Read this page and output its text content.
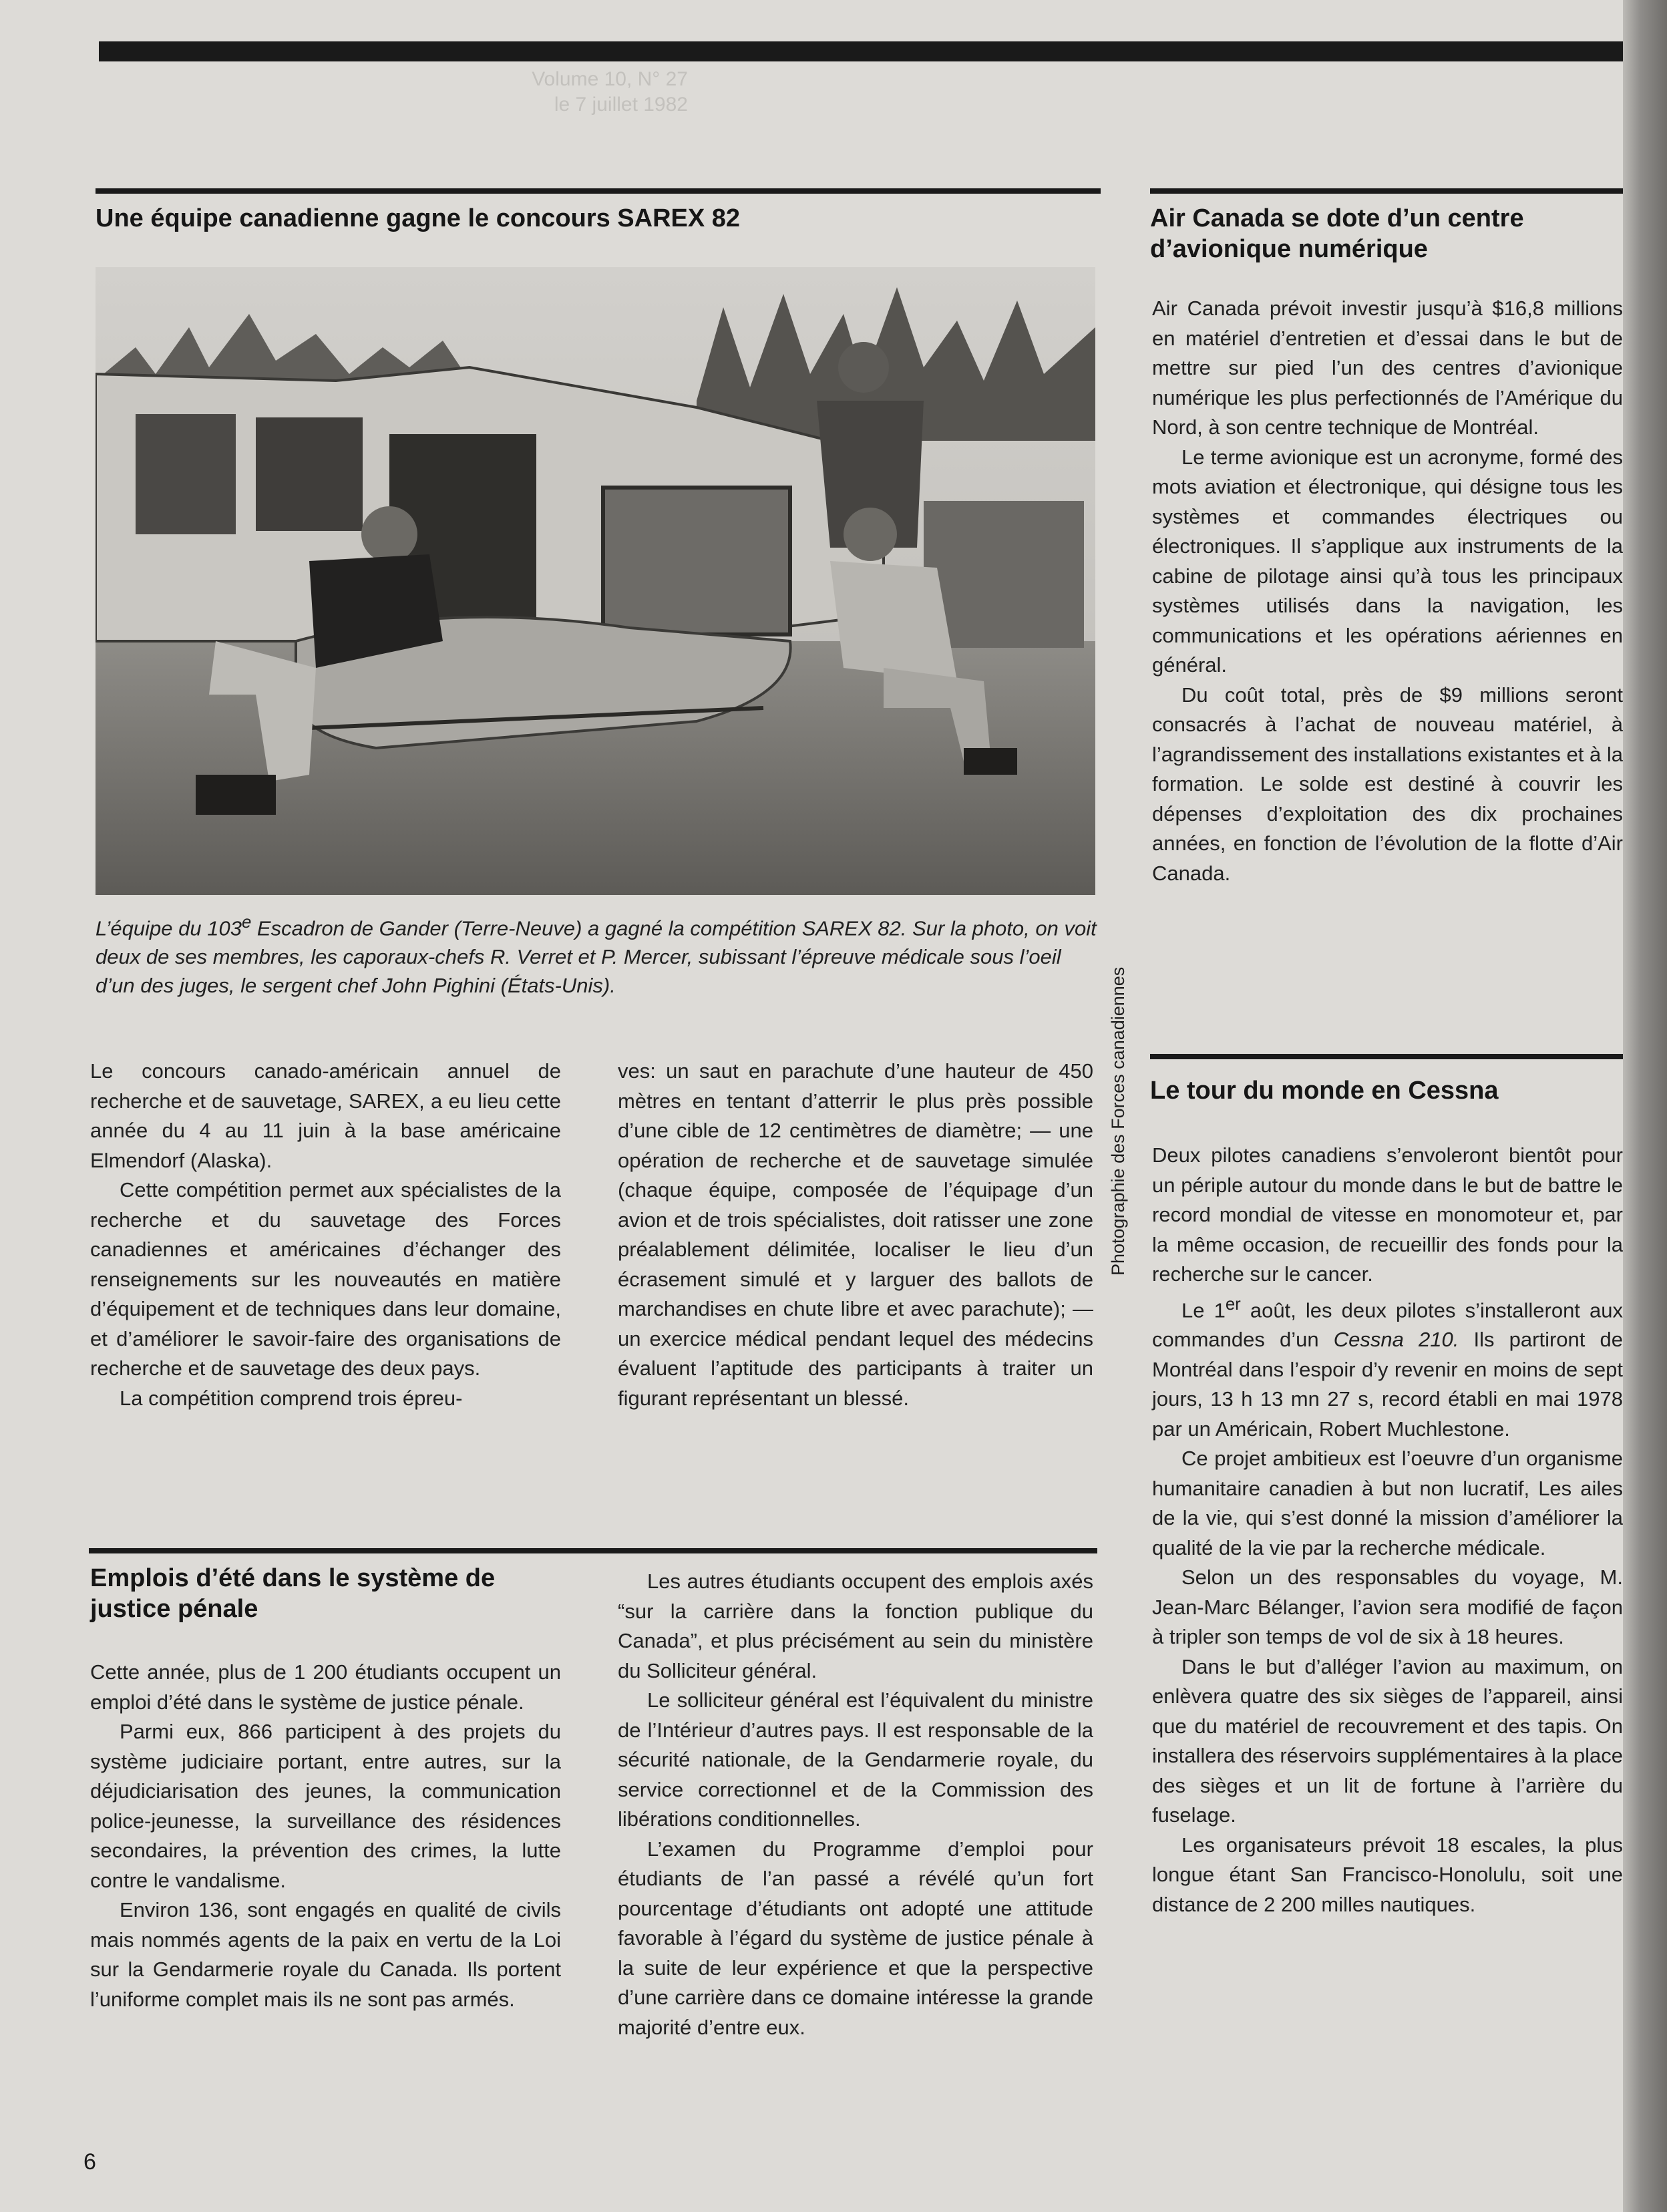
Volume 10, N° 27
le 7 juillet 1982
Une équipe canadienne gagne le concours SAREX 82
Photographie des Forces canadiennes
L’équipe du 103e Escadron de Gander (Terre-Neuve) a gagné la compétition SAREX 82. Sur la photo, on voit deux de ses membres, les caporaux-chefs R. Verret et P. Mercer, subissant l’épreuve médicale sous l’oeil d’un des juges, le sergent chef John Pighini (États-Unis).

Le concours canado-américain annuel de recherche et de sauvetage, SAREX, a eu lieu cette année du 4 au 11 juin à la base américaine Elmendorf (Alaska).

Cette compétition permet aux spécialistes de la recherche et du sauvetage des Forces canadiennes et américaines d’échanger des renseignements sur les nouveautés en matière d’équipement et de techniques dans leur domaine, et d’améliorer le savoir-faire des organisations de recherche et de sauvetage des deux pays.

La compétition comprend trois épreu-

ves: un saut en parachute d’une hauteur de 450 mètres en tentant d’atterrir le plus près possible d’une cible de 12 centimètres de diamètre; — une opération de recherche et de sauvetage simulée (chaque équipe, composée de l’équipage d’un avion et de trois spécialistes, doit ratisser une zone préalablement délimitée, localiser le lieu d’un écrasement simulé et y larguer des ballots de marchandises en chute libre et avec parachute); — un exercice médical pendant lequel des médecins évaluent l’aptitude des participants à traiter un figurant représentant un blessé.

Emplois d’été dans le système de
justice pénale

Cette année, plus de 1 200 étudiants occupent un emploi d’été dans le système de justice pénale.

Parmi eux, 866 participent à des projets du système judiciaire portant, entre autres, sur la déjudiciarisation des jeunes, la communication police-jeunesse, la surveillance des résidences secondaires, la prévention des crimes, la lutte contre le vandalisme.

Environ 136, sont engagés en qualité de civils mais nommés agents de la paix en vertu de la Loi sur la Gendarmerie royale du Canada. Ils portent l’uniforme complet mais ils ne sont pas armés.

Les autres étudiants occupent des emplois axés “sur la carrière dans la fonction publique du Canada”, et plus précisément au sein du ministère du Solliciteur général.

Le solliciteur général est l’équivalent du ministre de l’Intérieur d’autres pays. Il est responsable de la sécurité nationale, de la Gendarmerie royale, du service correctionnel et de la Commission des libérations conditionnelles.

L’examen du Programme d’emploi pour étudiants de l’an passé a révélé qu’un fort pourcentage d’étudiants ont adopté une attitude favorable à l’égard du système de justice pénale à la suite de leur expérience et que la perspective d’une carrière dans ce domaine intéresse la grande majorité d’entre eux.

Air Canada se dote d’un centre
d’avionique numérique

Air Canada prévoit investir jusqu’à $16,8 millions en matériel d’entretien et d’essai dans le but de mettre sur pied l’un des centres d’avionique numérique les plus perfectionnés de l’Amérique du Nord, à son centre technique de Montréal.

Le terme avionique est un acronyme, formé des mots aviation et électronique, qui désigne tous les systèmes et commandes électriques ou électroniques. Il s’applique aux instruments de la cabine de pilotage ainsi qu’à tous les principaux systèmes utilisés dans la navigation, les communications et les opérations aériennes en général.

Du coût total, près de $9 millions seront consacrés à l’achat de nouveau matériel, à l’agrandissement des installations existantes et à la formation. Le solde est destiné à couvrir les dépenses d’exploitation des dix prochaines années, en fonction de l’évolution de la flotte d’Air Canada.

Le tour du monde en Cessna

Deux pilotes canadiens s’envoleront bientôt pour un périple autour du monde dans le but de battre le record mondial de vitesse en monomoteur et, par la même occasion, de recueillir des fonds pour la recherche sur le cancer.

Le 1er août, les deux pilotes s’installeront aux commandes d’un Cessna 210. Ils partiront de Montréal dans l’espoir d’y revenir en moins de sept jours, 13 h 13 mn 27 s, record établi en mai 1978 par un Américain, Robert Muchlestone.

Ce projet ambitieux est l’oeuvre d’un organisme humanitaire canadien à but non lucratif, Les ailes de la vie, qui s’est donné la mission d’améliorer la qualité de la vie par la recherche médicale.

Selon un des responsables du voyage, M. Jean-Marc Bélanger, l’avion sera modifié de façon à tripler son temps de vol de six à 18 heures.

Dans le but d’alléger l’avion au maximum, on enlèvera quatre des six sièges de l’appareil, ainsi que du matériel de recouvrement et des tapis. On installera des réservoirs supplémentaires à la place des sièges et un lit de fortune à l’arrière du fuselage.

Les organisateurs prévoit 18 escales, la plus longue étant San Francisco-Honolulu, soit une distance de 2 200 milles nautiques.

6
